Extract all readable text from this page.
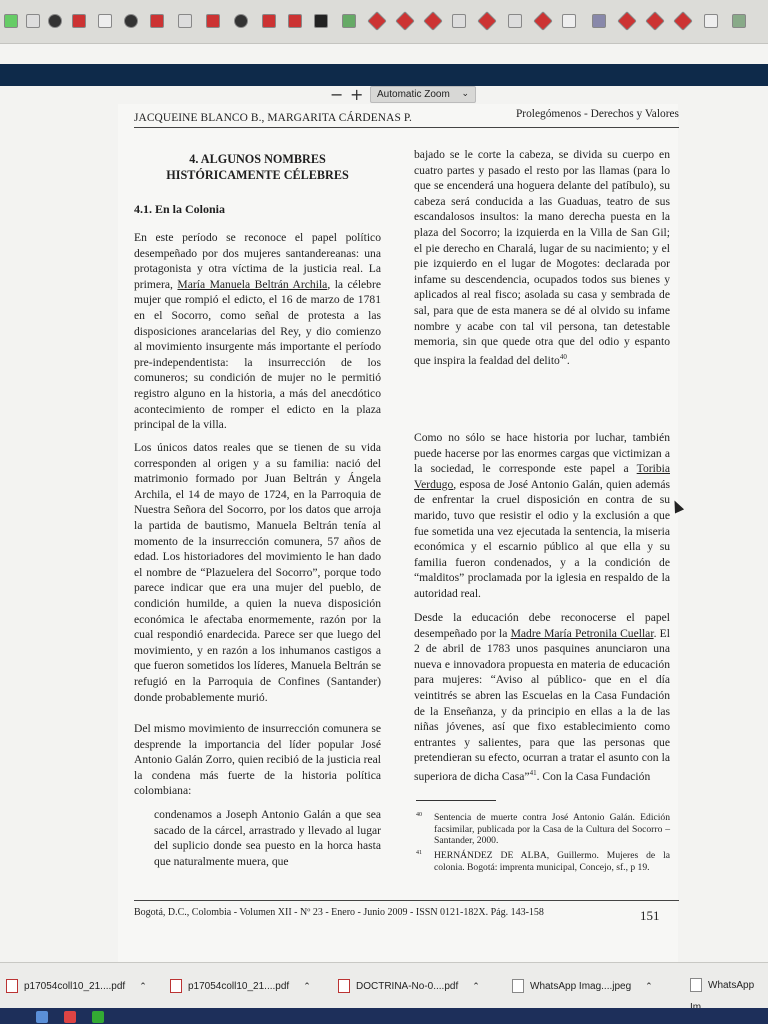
− +	Automatic Zoom ⌄
JACQUEINE BLANCO B., MARGARITA CÁRDENAS P.	Prolegómenos - Derechos y Valores
4. ALGUNOS NOMBRES
HISTÓRICAMENTE CÉLEBRES
4.1. En la Colonia

En este período se reconoce el papel político desempeñado por dos mujeres santandereanas: una protagonista y otra víctima de la justicia real. La primera, María Manuela Beltrán Archila, la célebre mujer que rompió el edicto, el 16 de marzo de 1781 en el Socorro, como señal de protesta a las disposiciones arancelarias del Rey, y dio comienzo al movimiento insurgente más importante el período pre-independentista: la insurrección de los comuneros; su condición de mujer no le permitió registro alguno en la historia, a más del anecdótico acontecimiento de romper el edicto en la plaza principal de la villa.

Los únicos datos reales que se tienen de su vida corresponden al origen y a su familia: nació del matrimonio formado por Juan Beltrán y Ángela Archila, el 14 de mayo de 1724, en la Parroquia de Nuestra Señora del Socorro, por los datos que arroja la partida de bautismo, Manuela Beltrán tenía al momento de la insurrección comunera, 57 años de edad. Los historiadores del movimiento le han dado el nombre de “Plazuelera del Socorro”, porque todo parece indicar que era una mujer del pueblo, de condición humilde, a quien la nueva disposición económica le afectaba enormemente, razón por la cual respondió enardecida. Parece ser que luego del movimiento, y en razón a los inhumanos castigos a que fueron sometidos los líderes, Manuela Beltrán se refugió en la Parroquia de Confines (Santander) donde probablemente murió.

Del mismo movimiento de insurrección comunera se desprende la importancia del líder popular José Antonio Galán Zorro, quien recibió de la justicia real la condena más fuerte de la historia política colombiana:

condenamos a Joseph Antonio Galán a que sea sacado de la cárcel, arrastrado y llevado al lugar del suplicio donde sea puesto en la horca hasta que naturalmente muera, que

bajado se le corte la cabeza, se divida su cuerpo en cuatro partes y pasado el resto por las llamas (para lo que se encenderá una hoguera delante del patíbulo), su cabeza será conducida a las Guaduas, teatro de sus escandalosos insultos: la mano derecha puesta en la plaza del Socorro; la izquierda en la Villa de San Gil; el pie derecho en Charalá, lugar de su nacimiento; y el pie izquierdo en el lugar de Mogotes: declarada por infame su descendencia, ocupados todos sus bienes y aplicados al real fisco; asolada su casa y sembrada de sal, para que de esta manera se dé al olvido su infame nombre y acabe con tal vil persona, tan detestable memoria, sin que quede otra que del odio y espanto que inspira la fealdad del delito$^{40}$.

Como no sólo se hace historia por luchar, también puede hacerse por las enormes cargas que victimizan a la sociedad, le corresponde este papel a Toribia Verdugo, esposa de José Antonio Galán, quien además de enfrentar la cruel disposición en contra de su marido, tuvo que resistir el odio y la exclusión a que fue sometida una vez ejecutada la sentencia, la miseria económica y el escarnio público al que ella y su familia fueron condenados, y a la condición de “malditos” proclamada por la iglesia en respaldo de la autoridad real.

Desde la educación debe reconocerse el papel desempeñado por la Madre María Petronila Cuellar. El 2 de abril de 1783 unos pasquines anunciaron una nueva e innovadora propuesta en materia de educación para mujeres: “Aviso al público- que en el día veintitrés se abren las Escuelas en la Casa Fundación de la Enseñanza, y da principio en ellas a la de las niñas jóvenes, así que fixo establecimiento como entrantes y salientes, para que las personas que pretendieran su efecto, ocurran a tratar el asunto con la superiora de dicha Casa”$^{41}$. Con la Casa Fundación

40	Sentencia de muerte contra José Antonio Galán. Edición facsimilar, publicada por la Casa de la Cultura del Socorro – Santander, 2000.
41	HERNÁNDEZ DE ALBA, Guillermo. Mujeres de la colonia. Bogotá: imprenta municipal, Concejo, sf., p 19.
Bogotá, D.C., Colombia - Volumen XII - Nº 23 - Enero - Junio 2009 - ISSN 0121-182X. Pág. 143-158	151
p17054coll10_21....pdf ⌃	p17054coll10_21....pdf ⌃	DOCTRINA-No-0....pdf ⌃	WhatsApp Imag....jpeg ⌃	WhatsApp
